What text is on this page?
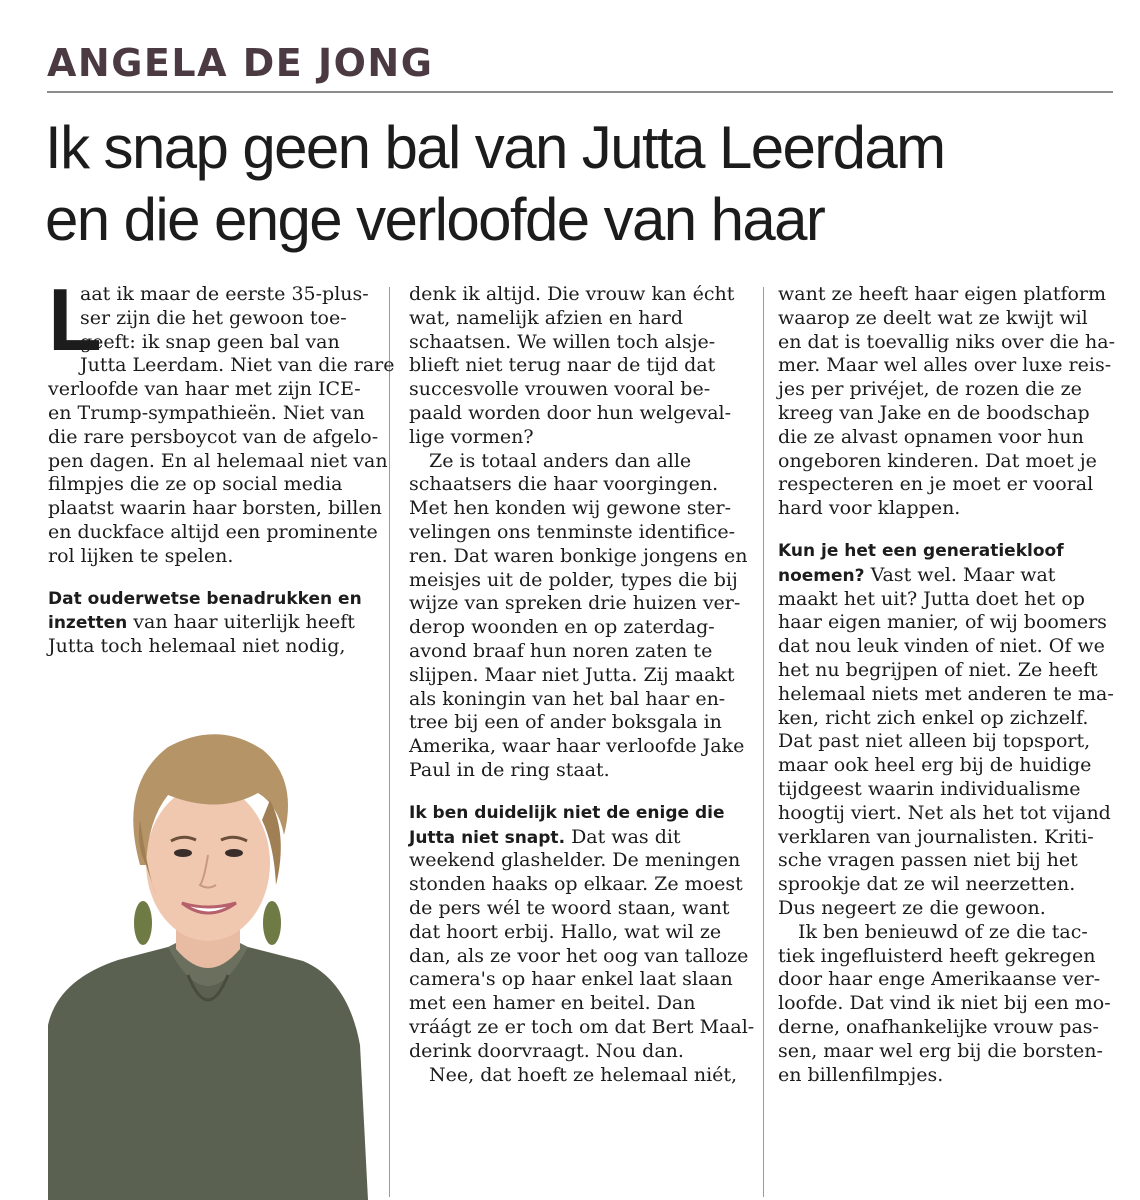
ANGELA DE JONG
Ik snap geen bal van Jutta Leerdam
en die enge verloofde van haar

L
aat ik maar de eerste 35-plus-
ser zijn die het gewoon toe-
geeft: ik snap geen bal van
Jutta Leerdam. Niet van die rare
verloofde van haar met zijn ICE-
en Trump-sympathieën. Niet van
die rare persboycot van de afgelo-
pen dagen. En al helemaal niet van
filmpjes die ze op social media
plaatst waarin haar borsten, billen
en duckface altijd een prominente
rol lijken te spelen.

Dat ouderwetse benadrukken en
inzetten van haar uiterlijk heeft
Jutta toch helemaal niet nodig,

denk ik altijd. Die vrouw kan écht
wat, namelijk afzien en hard
schaatsen. We willen toch alsje-
blieft niet terug naar de tijd dat
succesvolle vrouwen vooral be-
paald worden door hun welgeval-
lige vormen?

Ze is totaal anders dan alle
schaatsers die haar voorgingen.
Met hen konden wij gewone ster-
velingen ons tenminste identifice-
ren. Dat waren bonkige jongens en
meisjes uit de polder, types die bij
wijze van spreken drie huizen ver-
derop woonden en op zaterdag-
avond braaf hun noren zaten te
slijpen. Maar niet Jutta. Zij maakt
als koningin van het bal haar en-
tree bij een of ander boksgala in
Amerika, waar haar verloofde Jake
Paul in de ring staat.

Ik ben duidelijk niet de enige die
Jutta niet snapt. Dat was dit
weekend glashelder. De meningen
stonden haaks op elkaar. Ze moest
de pers wél te woord staan, want
dat hoort erbij. Hallo, wat wil ze
dan, als ze voor het oog van talloze
camera's op haar enkel laat slaan
met een hamer en beitel. Dan
vráágt ze er toch om dat Bert Maal-
derink doorvraagt. Nou dan.

Nee, dat hoeft ze helemaal niét,

want ze heeft haar eigen platform
waarop ze deelt wat ze kwijt wil
en dat is toevallig niks over die ha-
mer. Maar wel alles over luxe reis-
jes per privéjet, de rozen die ze
kreeg van Jake en de boodschap
die ze alvast opnamen voor hun
ongeboren kinderen. Dat moet je
respecteren en je moet er vooral
hard voor klappen.

Kun je het een generatiekloof
noemen? Vast wel. Maar wat
maakt het uit? Jutta doet het op
haar eigen manier, of wij boomers
dat nou leuk vinden of niet. Of we
het nu begrijpen of niet. Ze heeft
helemaal niets met anderen te ma-
ken, richt zich enkel op zichzelf.
Dat past niet alleen bij topsport,
maar ook heel erg bij de huidige
tijdgeest waarin individualisme
hoogtij viert. Net als het tot vijand
verklaren van journalisten. Kriti-
sche vragen passen niet bij het
sprookje dat ze wil neerzetten.
Dus negeert ze die gewoon.

Ik ben benieuwd of ze die tac-
tiek ingefluisterd heeft gekregen
door haar enge Amerikaanse ver-
loofde. Dat vind ik niet bij een mo-
derne, onafhankelijke vrouw pas-
sen, maar wel erg bij die borsten-
en billenfilmpjes.
